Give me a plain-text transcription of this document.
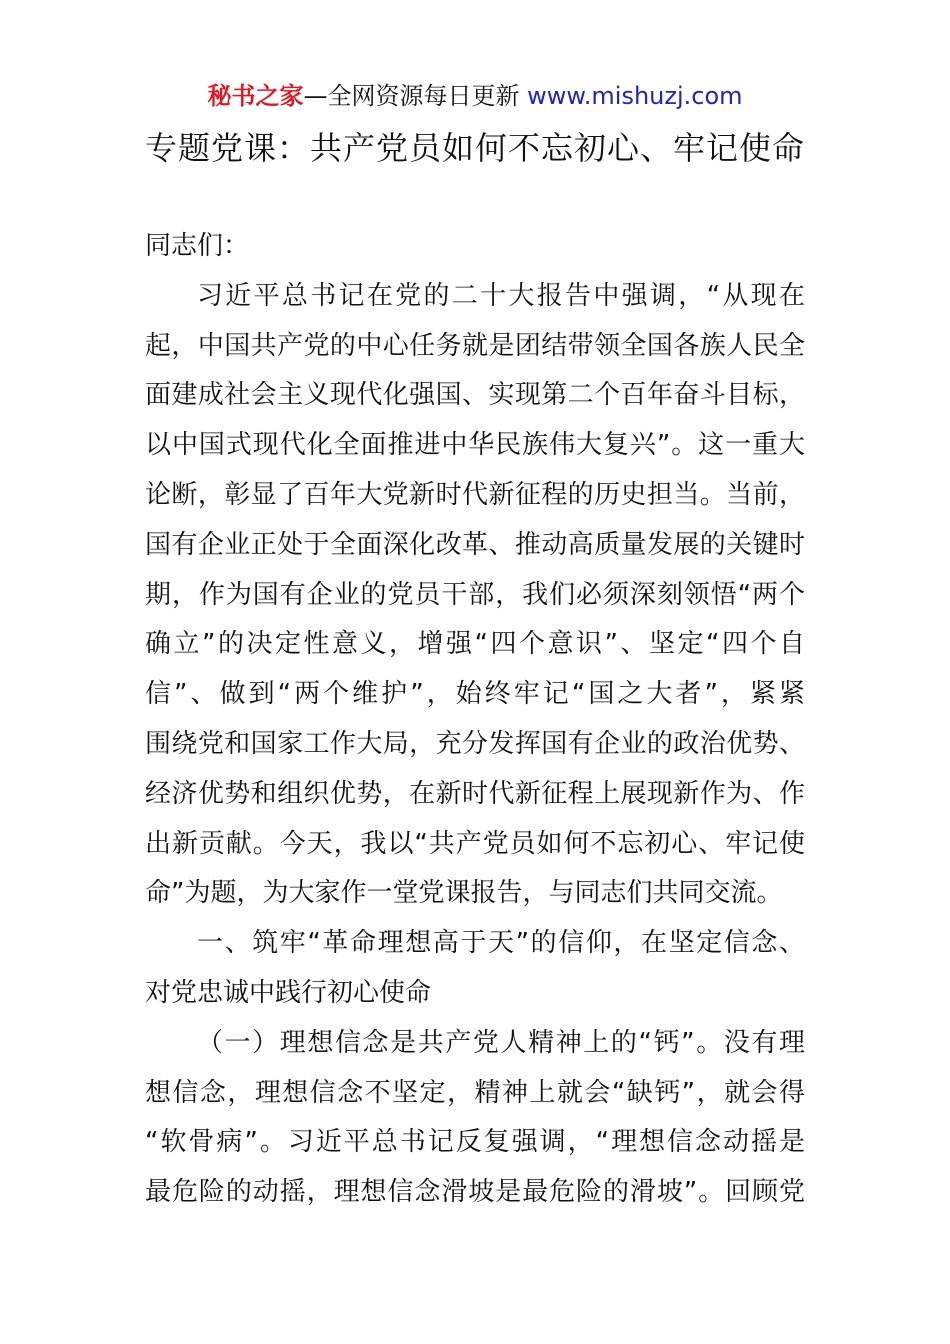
秘书之家—全网资源每日更新 www.mishuzj.com
专题党课：共产党员如何不忘初心、牢记使命
同志们：
习近平总书记在党的二十大报告中强调，“从现在
起，中国共产党的中心任务就是团结带领全国各族人民全
面建成社会主义现代化强国、实现第二个百年奋斗目标，
以中国式现代化全面推进中华民族伟大复兴”。这一重大
论断，彰显了百年大党新时代新征程的历史担当。当前，
国有企业正处于全面深化改革、推动高质量发展的关键时
期，作为国有企业的党员干部，我们必须深刻领悟“两个
确立”的决定性意义，增强“四个意识”、坚定“四个自
信”、做到“两个维护”，始终牢记“国之大者”，紧紧
围绕党和国家工作大局，充分发挥国有企业的政治优势、
经济优势和组织优势，在新时代新征程上展现新作为、作
出新贡献。今天，我以“共产党员如何不忘初心、牢记使
命”为题，为大家作一堂党课报告，与同志们共同交流。
一、筑牢“革命理想高于天”的信仰，在坚定信念、
对党忠诚中践行初心使命
（一）理想信念是共产党人精神上的“钙”。没有理
想信念，理想信念不坚定，精神上就会“缺钙”，就会得
“软骨病”。习近平总书记反复强调，“理想信念动摇是
最危险的动摇，理想信念滑坡是最危险的滑坡”。回顾党
